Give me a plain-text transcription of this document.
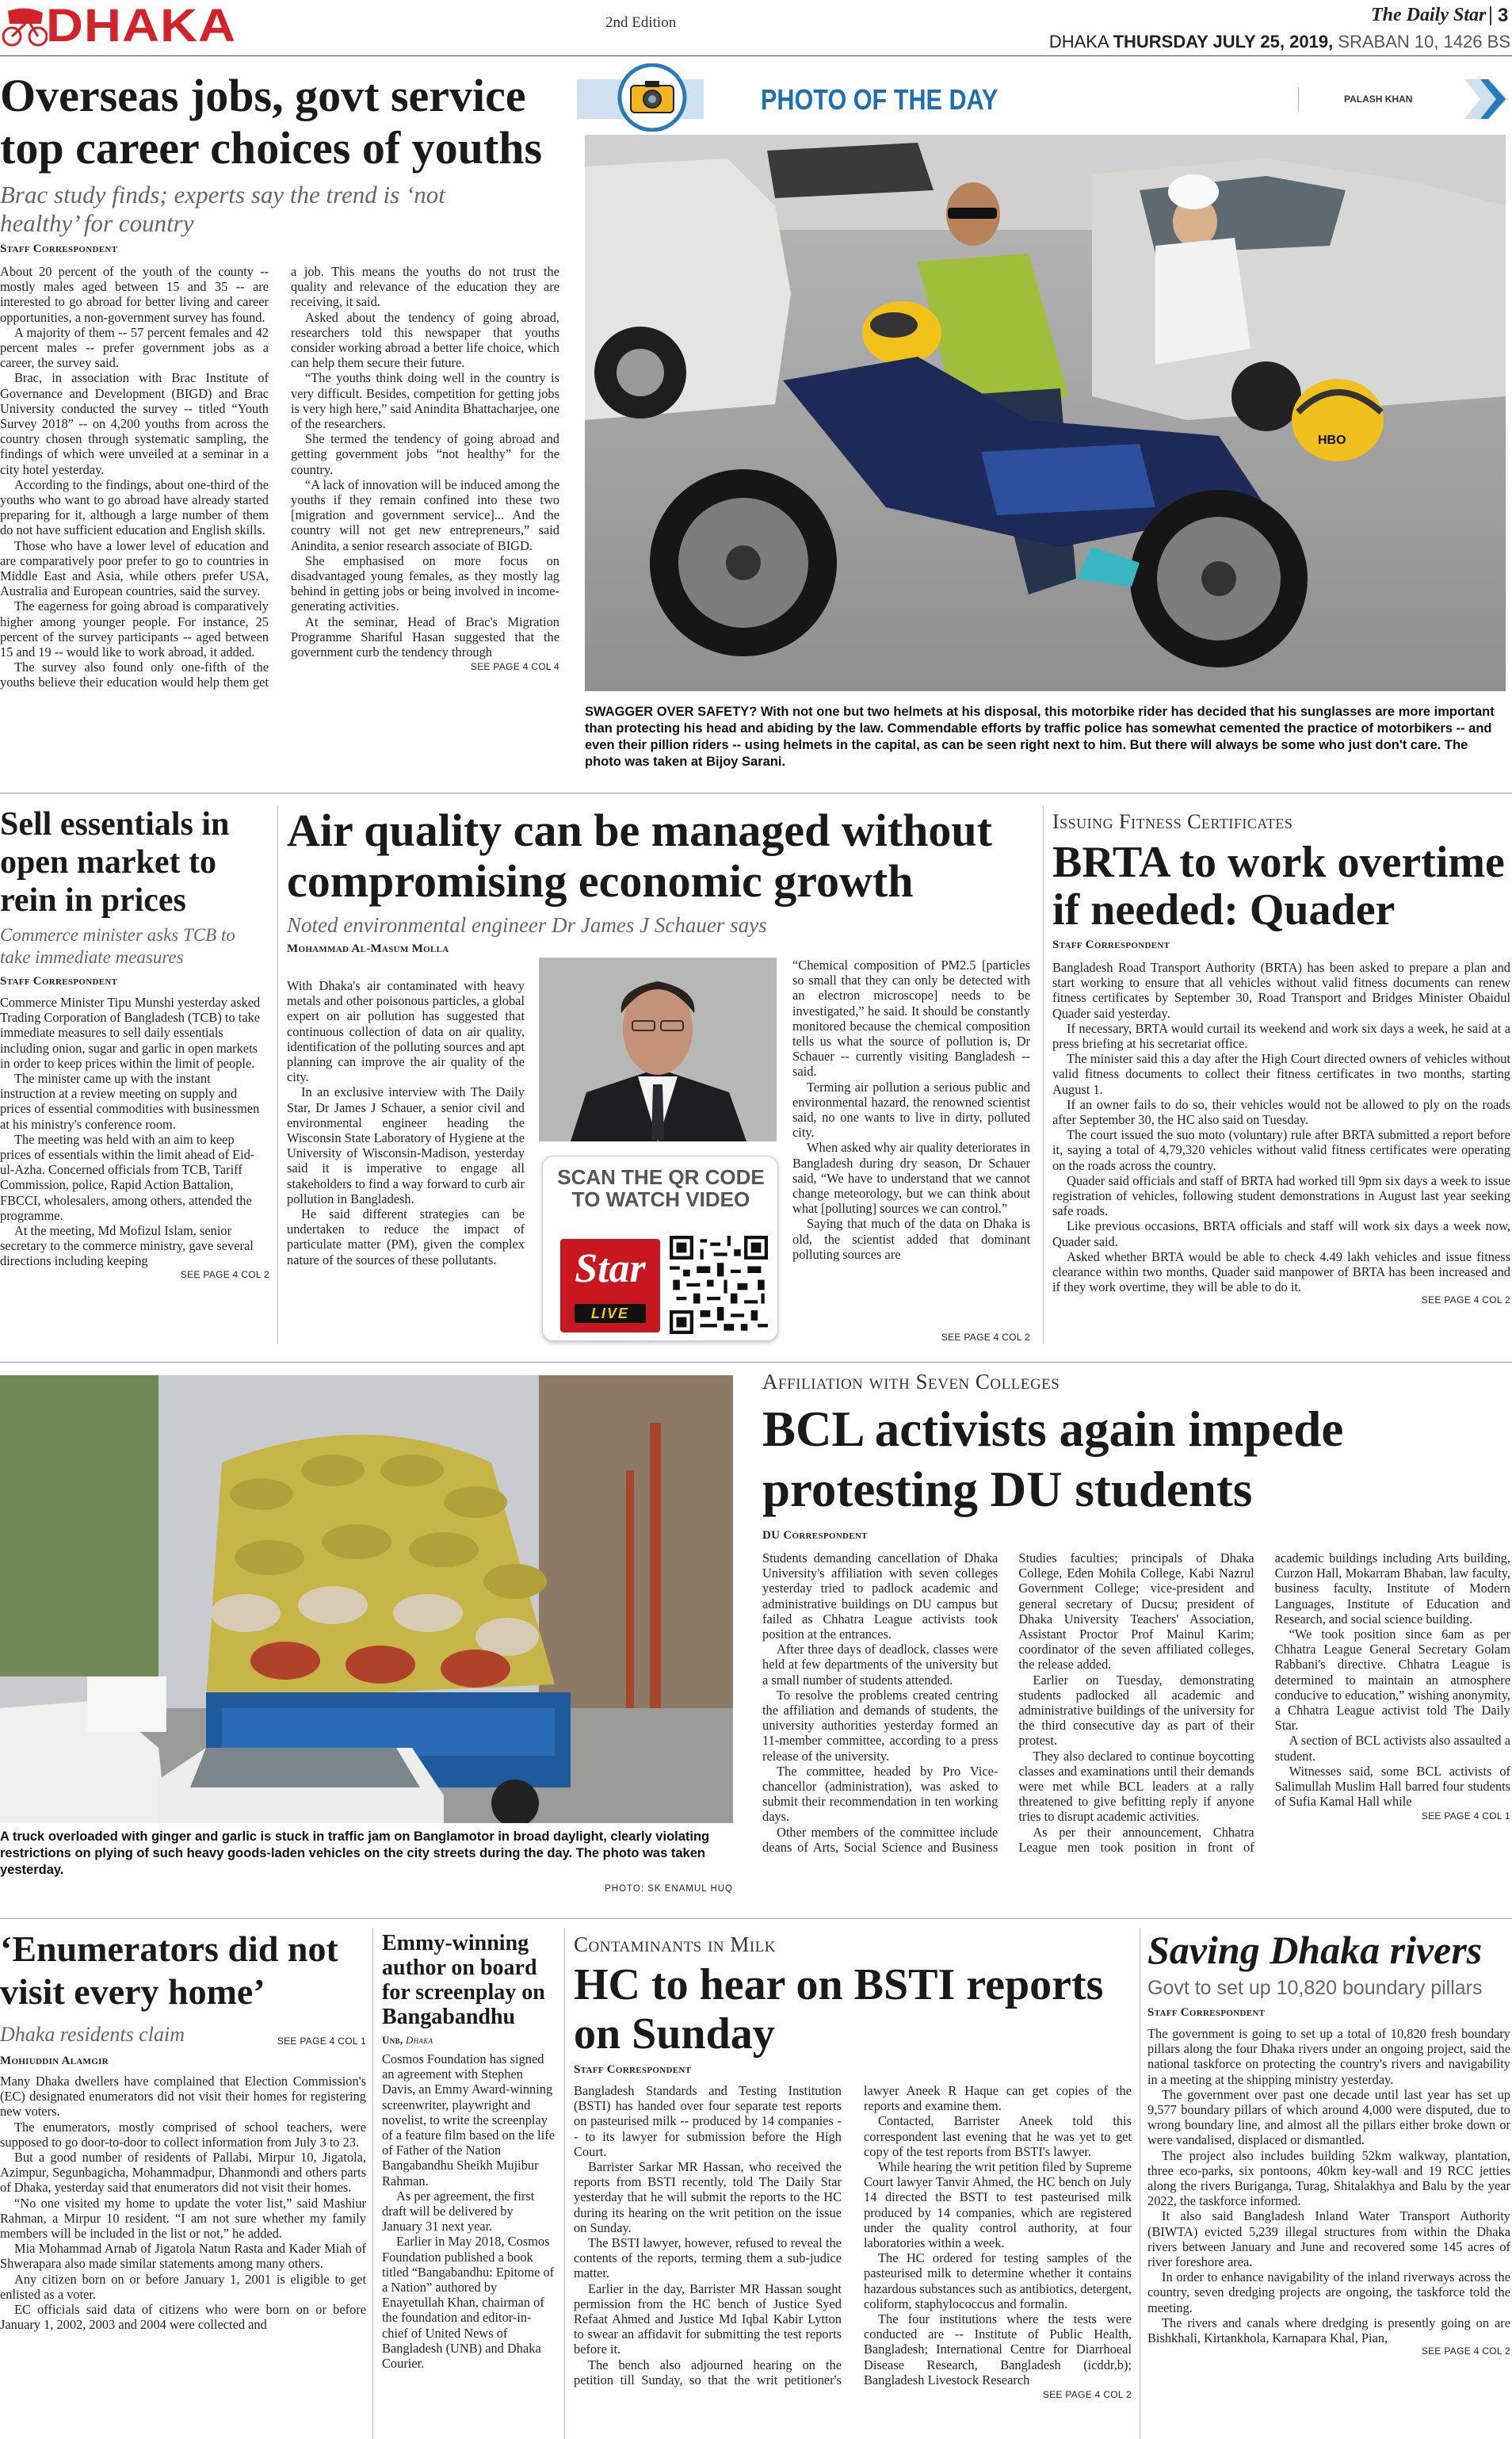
DHAKA	2nd Edition	The Daily Star 3
DHAKA THURSDAY JULY 25, 2019, SRABAN 10, 1426 BS
Overseas jobs, govt service top career choices of youths
Brac study finds; experts say the trend is ‘not healthy’ for country
Staff Correspondent

About 20 percent of the youth of the county -- mostly males aged between 15 and 35 -- are interested to go abroad for better living and career opportunities, a non-government survey has found.

A majority of them -- 57 percent females and 42 percent males -- prefer government jobs as a career, the survey said.

Brac, in association with Brac Institute of Governance and Development (BIGD) and Brac University conducted the survey -- titled “Youth Survey 2018” -- on 4,200 youths from across the country chosen through systematic sampling, the findings of which were unveiled at a seminar in a city hotel yesterday.

According to the findings, about one-third of the youths who want to go abroad have already started preparing for it, although a large number of them do not have sufficient education and English skills.

Those who have a lower level of education and are comparatively poor prefer to go to countries in Middle East and Asia, while others prefer USA, Australia and European countries, said the survey.

The eagerness for going abroad is comparatively higher among younger people. For instance, 25 percent of the survey participants -- aged between 15 and 19 -- would like to work abroad, it added.

The survey also found only one-fifth of the youths believe their education would help them get a job. This means the youths do not trust the quality and relevance of the education they are receiving, it said.

Asked about the tendency of going abroad, researchers told this newspaper that youths consider working abroad a better life choice, which can help them secure their future.

“The youths think doing well in the country is very difficult. Besides, competition for getting jobs is very high here,” said Anindita Bhattacharjee, one of the researchers.

She termed the tendency of going abroad and getting government jobs “not healthy” for the country.

“A lack of innovation will be induced among the youths if they remain confined into these two [migration and government service]... And the country will not get new entrepreneurs,” said Anindita, a senior research associate of BIGD.

She emphasised on more focus on disadvantaged young females, as they mostly lag behind in getting jobs or being involved in income-generating activities.

At the seminar, Head of Brac's Migration Programme Shariful Hasan suggested that the government curb the tendency through

SEE PAGE 4 COL 4
PHOTO OF THE DAY	PALASH KHAN
HBO
SWAGGER OVER SAFETY? With not one but two helmets at his disposal, this motorbike rider has decided that his sunglasses are more important than protecting his head and abiding by the law. Commendable efforts by traffic police has somewhat cemented the practice of motorbikers -- and even their pillion riders -- using helmets in the capital, as can be seen right next to him. But there will always be some who just don't care. The photo was taken at Bijoy Sarani.
Sell essentials in open market to rein in prices
Commerce minister asks TCB to take immediate measures
Staff Correspondent

Commerce Minister Tipu Munshi yesterday asked Trading Corporation of Bangladesh (TCB) to take immediate measures to sell daily essentials including onion, sugar and garlic in open markets in order to keep prices within the limit of people.

The minister came up with the instant instruction at a review meeting on supply and prices of essential commodities with businessmen at his ministry's conference room.

The meeting was held with an aim to keep prices of essentials within the limit ahead of Eid-ul-Azha. Concerned officials from TCB, Tariff Commission, police, Rapid Action Battalion, FBCCI, wholesalers, among others, attended the programme.

At the meeting, Md Mofizul Islam, senior secretary to the commerce ministry, gave several directions including keeping

SEE PAGE 4 COL 2
Air quality can be managed without compromising economic growth
Noted environmental engineer Dr James J Schauer says
Mohammad Al-Masum Molla

With Dhaka's air contaminated with heavy metals and other poisonous particles, a global expert on air pollution has suggested that continuous collection of data on air quality, identification of the polluting sources and apt planning can improve the air quality of the city.

In an exclusive interview with The Daily Star, Dr James J Schauer, a senior civil and environmental engineer heading the Wisconsin State Laboratory of Hygiene at the University of Wisconsin-Madison, yesterday said it is imperative to engage all stakeholders to find a way forward to curb air pollution in Bangladesh.

He said different strategies can be undertaken to reduce the impact of particulate matter (PM), given the complex nature of the sources of these pollutants.

SCAN THE QR CODE TO WATCH VIDEO
Star
LIVE

“Chemical composition of PM2.5 [particles so small that they can only be detected with an electron microscope] needs to be investigated,” he said. It should be constantly monitored because the chemical composition tells us what the source of pollution is, Dr Schauer -- currently visiting Bangladesh -- said.

Terming air pollution a serious public and environmental hazard, the renowned scientist said, no one wants to live in dirty, polluted city.

When asked why air quality deteriorates in Bangladesh during dry season, Dr Schauer said, “We have to understand that we cannot change meteorology, but we can think about what [polluting] sources we can control.”

Saying that much of the data on Dhaka is old, the scientist added that dominant polluting sources are

SEE PAGE 4 COL 2
Issuing Fitness Certificates
BRTA to work overtime if needed: Quader
Staff Correspondent

Bangladesh Road Transport Authority (BRTA) has been asked to prepare a plan and start working to ensure that all vehicles without valid fitness documents can renew fitness certificates by September 30, Road Transport and Bridges Minister Obaidul Quader said yesterday.

If necessary, BRTA would curtail its weekend and work six days a week, he said at a press briefing at his secretariat office.

The minister said this a day after the High Court directed owners of vehicles without valid fitness documents to collect their fitness certificates in two months, starting August 1.

If an owner fails to do so, their vehicles would not be allowed to ply on the roads after September 30, the HC also said on Tuesday.

The court issued the suo moto (voluntary) rule after BRTA submitted a report before it, saying a total of 4,79,320 vehicles without valid fitness certificates were operating on the roads across the country.

Quader said officials and staff of BRTA had worked till 9pm six days a week to issue registration of vehicles, following student demonstrations in August last year seeking safe roads.

Like previous occasions, BRTA officials and staff will work six days a week now, Quader said.

Asked whether BRTA would be able to check 4.49 lakh vehicles and issue fitness clearance within two months, Quader said manpower of BRTA has been increased and if they work overtime, they will be able to do it.

SEE PAGE 4 COL 2
A truck overloaded with ginger and garlic is stuck in traffic jam on Banglamotor in broad daylight, clearly violating restrictions on plying of such heavy goods-laden vehicles on the city streets during the day. The photo was taken yesterday.
PHOTO: SK ENAMUL HUQ
Affiliation with Seven Colleges
BCL activists again impede protesting DU students
DU Correspondent

Students demanding cancellation of Dhaka University's affiliation with seven colleges yesterday tried to padlock academic and administrative buildings on DU campus but failed as Chhatra League activists took position at the entrances.

After three days of deadlock, classes were held at few departments of the university but a small number of students attended.

To resolve the problems created centring the affiliation and demands of students, the university authorities yesterday formed an 11-member committee, according to a press release of the university.

The committee, headed by Pro Vice-chancellor (administration), was asked to submit their recommendation in ten working days.

Other members of the committee include deans of Arts, Social Science and Business Studies faculties; principals of Dhaka College, Eden Mohila College, Kabi Nazrul Government College; vice-president and general secretary of Ducsu; president of Dhaka University Teachers' Association, Assistant Proctor Prof Mainul Karim; coordinator of the seven affiliated colleges, the release added.

Earlier on Tuesday, demonstrating students padlocked all academic and administrative buildings of the university for the third consecutive day as part of their protest.

They also declared to continue boycotting classes and examinations until their demands were met while BCL leaders at a rally threatened to give befitting reply if anyone tries to disrupt academic activities.

As per their announcement, Chhatra League men took position in front of academic buildings including Arts building, Curzon Hall, Mokarram Bhaban, law faculty, business faculty, Institute of Modern Languages, Institute of Education and Research, and social science building.

“We took position since 6am as per Chhatra League General Secretary Golam Rabbani's directive. Chhatra League is determined to maintain an atmosphere conducive to education,” wishing anonymity, a Chhatra League activist told The Daily Star.

A section of BCL activists also assaulted a student.

Witnesses said, some BCL activists of Salimullah Muslim Hall barred four students of Sufia Kamal Hall while

SEE PAGE 4 COL 1
‘Enumerators did not visit every home’
Dhaka residents claim	SEE PAGE 4 COL 1
Mohiuddin Alamgir

Many Dhaka dwellers have complained that Election Commission's (EC) designated enumerators did not visit their homes for registering new voters.

The enumerators, mostly comprised of school teachers, were supposed to go door-to-door to collect information from July 3 to 23.

But a good number of residents of Pallabi, Mirpur 10, Jigatola, Azimpur, Segunbagicha, Mohammadpur, Dhanmondi and others parts of Dhaka, yesterday said that enumerators did not visit their homes.

“No one visited my home to update the voter list,” said Mashiur Rahman, a Mirpur 10 resident. “I am not sure whether my family members will be included in the list or not,” he added.

Mia Mohammad Arnab of Jigatola Natun Rasta and Kader Miah of Shwerapara also made similar statements among many others.

Any citizen born on or before January 1, 2001 is eligible to get enlisted as a voter.

EC officials said data of citizens who were born on or before January 1, 2002, 2003 and 2004 were collected and

Emmy-winning author on board for screenplay on Bangabandhu
Unb, Dhaka

Cosmos Foundation has signed an agreement with Stephen Davis, an Emmy Award-winning screenwriter, playwright and novelist, to write the screenplay of a feature film based on the life of Father of the Nation Bangabandhu Sheikh Mujibur Rahman.

As per agreement, the first draft will be delivered by January 31 next year.

Earlier in May 2018, Cosmos Foundation published a book titled “Bangabandhu: Epitome of a Nation” authored by Enayetullah Khan, chairman of the foundation and editor-in-chief of United News of Bangladesh (UNB) and Dhaka Courier.

Contaminants in Milk
HC to hear on BSTI reports on Sunday
Staff Correspondent

Bangladesh Standards and Testing Institution (BSTI) has handed over four separate test reports on pasteurised milk -- produced by 14 companies -- to its lawyer for submission before the High Court.

Barrister Sarkar MR Hassan, who received the reports from BSTI recently, told The Daily Star yesterday that he will submit the reports to the HC during its hearing on the writ petition on the issue on Sunday.

The BSTI lawyer, however, refused to reveal the contents of the reports, terming them a sub-judice matter.

Earlier in the day, Barrister MR Hassan sought permission from the HC bench of Justice Syed Refaat Ahmed and Justice Md Iqbal Kabir Lytton to swear an affidavit for submitting the test reports before it.

The bench also adjourned hearing on the petition till Sunday, so that the writ petitioner's lawyer Aneek R Haque can get copies of the reports and examine them.

Contacted, Barrister Aneek told this correspondent last evening that he was yet to get copy of the test reports from BSTI's lawyer.

While hearing the writ petition filed by Supreme Court lawyer Tanvir Ahmed, the HC bench on July 14 directed the BSTI to test pasteurised milk produced by 14 companies, which are registered under the quality control authority, at four laboratories within a week.

The HC ordered for testing samples of the pasteurised milk to determine whether it contains hazardous substances such as antibiotics, detergent, coliform, staphylococcus and formalin.

The four institutions where the tests were conducted are -- Institute of Public Health, Bangladesh; International Centre for Diarrhoeal Disease Research, Bangladesh (icddr,b); Bangladesh Livestock Research

SEE PAGE 4 COL 2
Saving Dhaka rivers
Govt to set up 10,820 boundary pillars
Staff Correspondent

The government is going to set up a total of 10,820 fresh boundary pillars along the four Dhaka rivers under an ongoing project, said the national taskforce on protecting the country's rivers and navigability in a meeting at the shipping ministry yesterday.

The government over past one decade until last year has set up 9,577 boundary pillars of which around 4,000 were disputed, due to wrong boundary line, and almost all the pillars either broke down or were vandalised, displaced or dismantled.

The project also includes building 52km walkway, plantation, three eco-parks, six pontoons, 40km key-wall and 19 RCC jetties along the rivers Buriganga, Turag, Shitalakhya and Balu by the year 2022, the taskforce informed.

It also said Bangladesh Inland Water Transport Authority (BIWTA) evicted 5,239 illegal structures from within the Dhaka rivers between January and June and recovered some 145 acres of river foreshore area.

In order to enhance navigability of the inland riverways across the country, seven dredging projects are ongoing, the taskforce told the meeting.

The rivers and canals where dredging is presently going on are Bishkhali, Kirtankhola, Karnapara Khal, Pian,

SEE PAGE 4 COL 2
